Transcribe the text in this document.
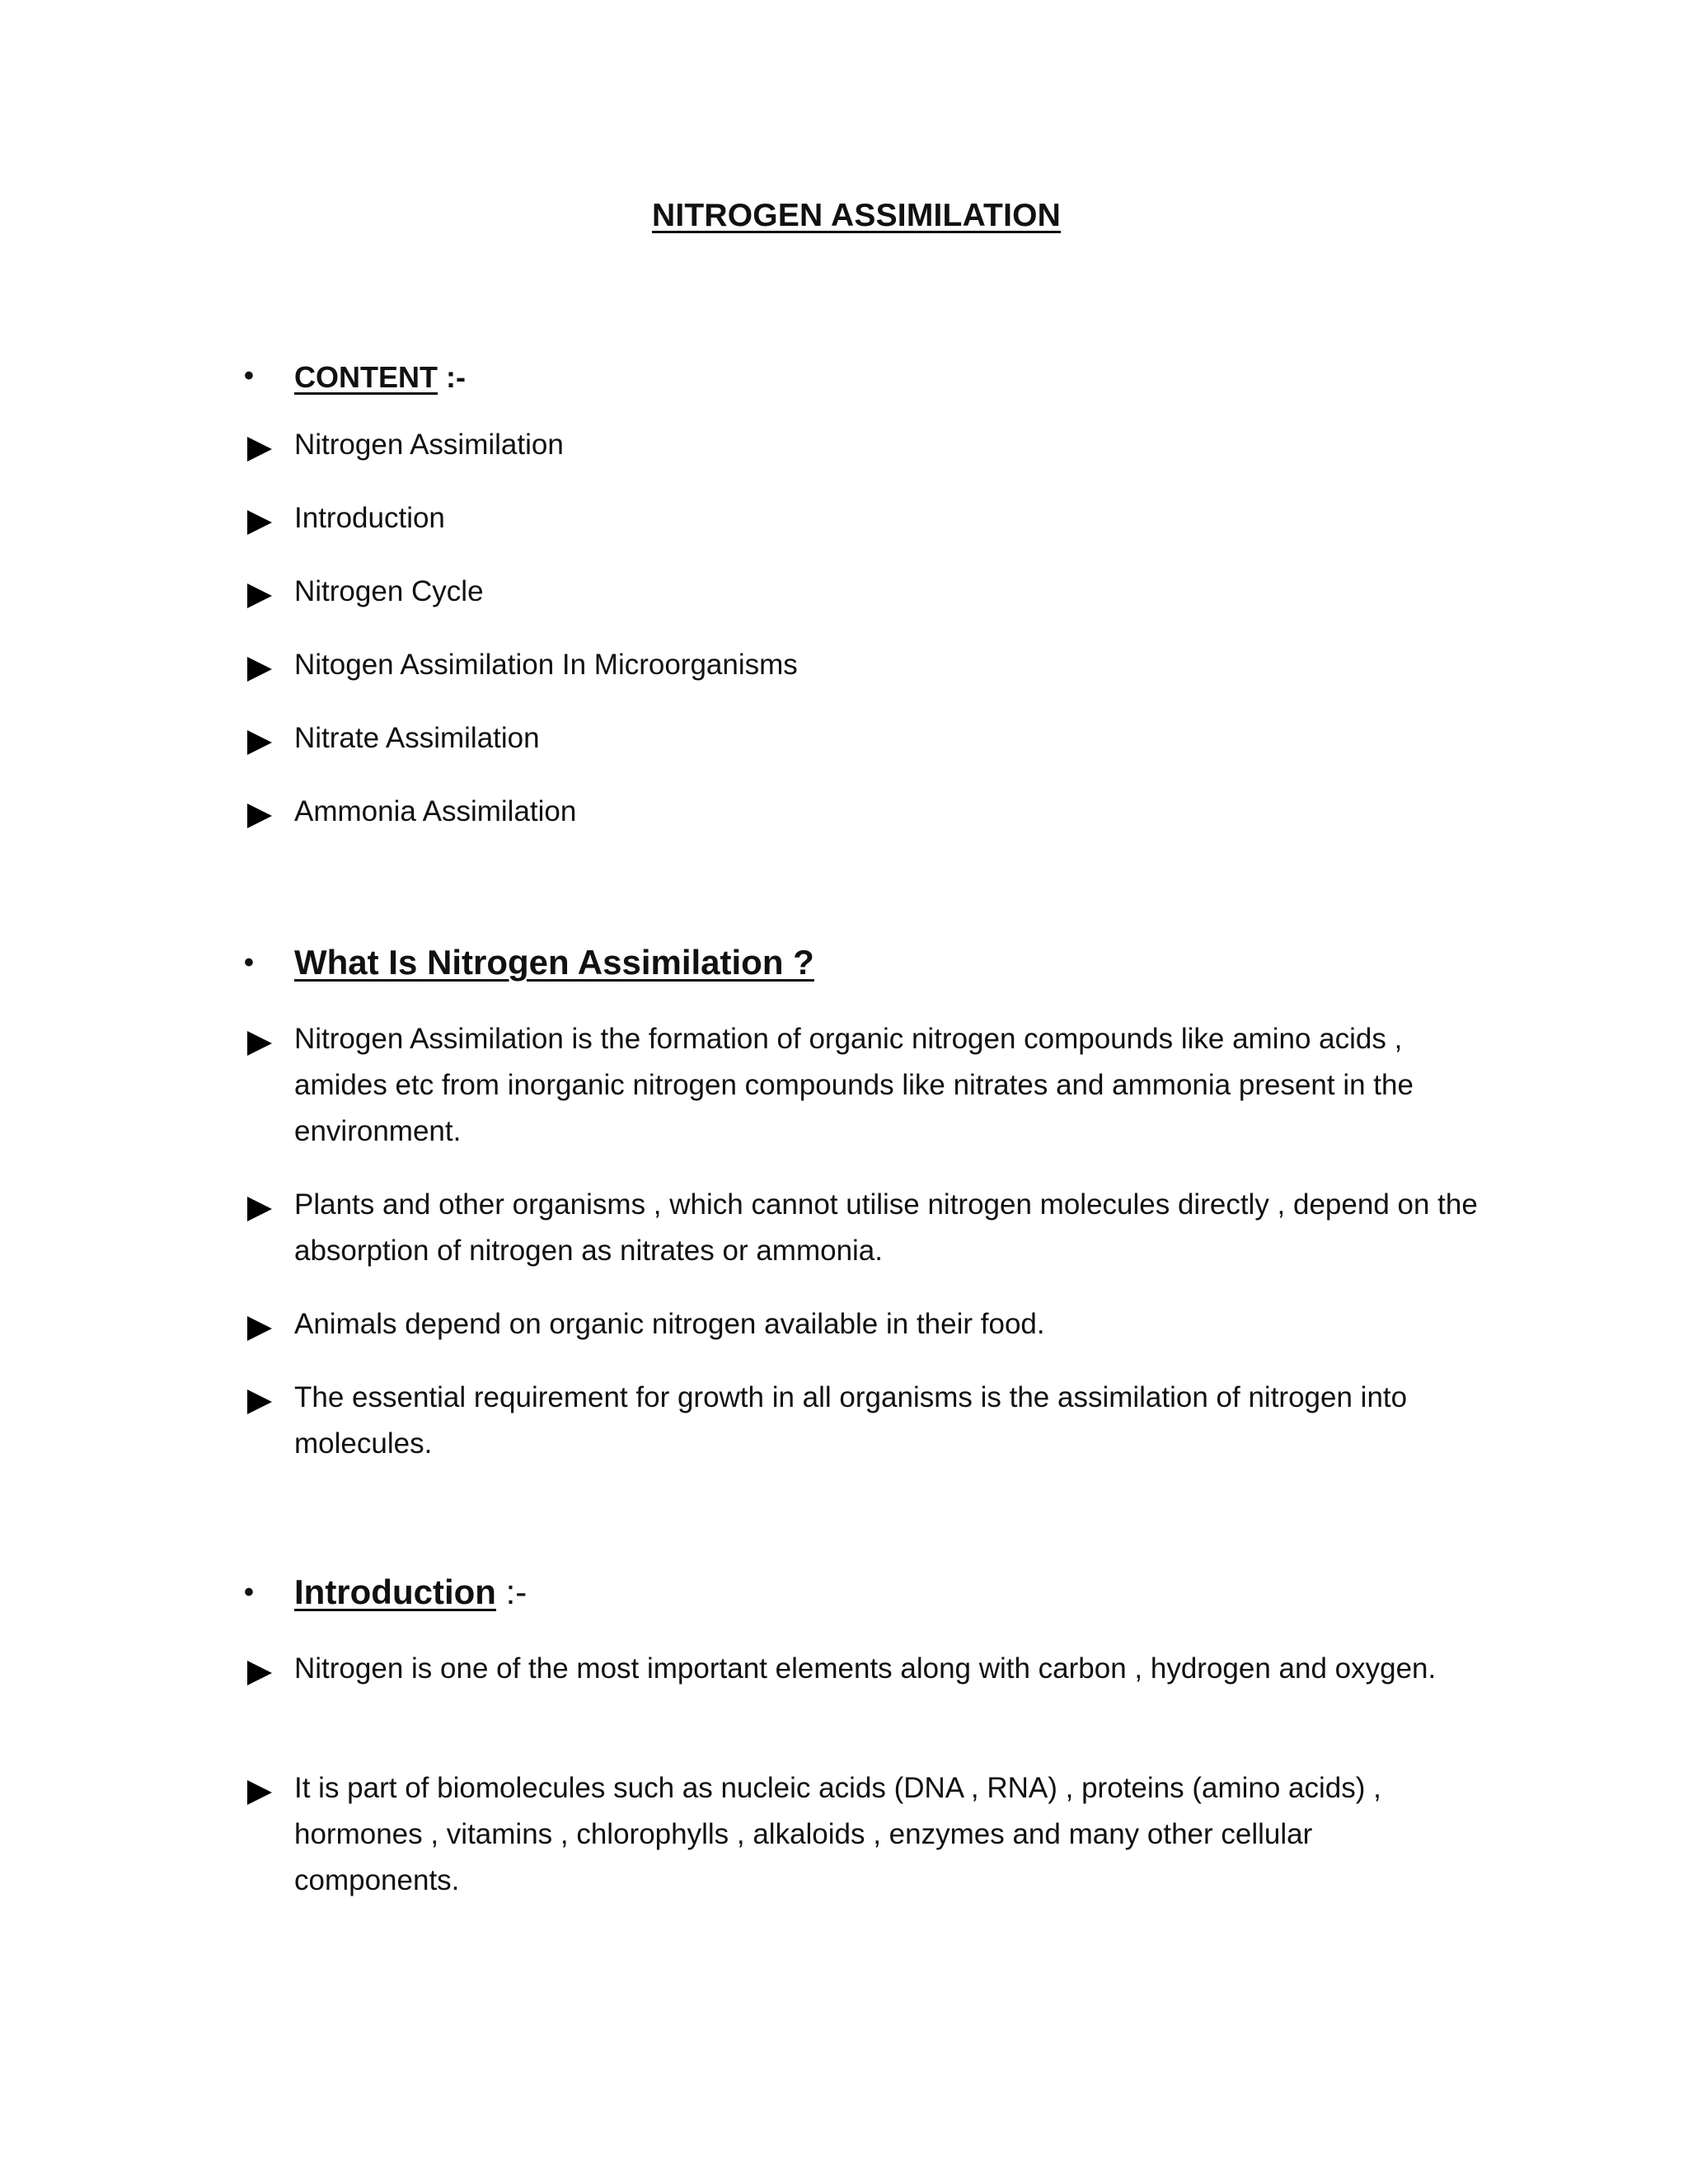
NITROGEN ASSIMILATION
• CONTENT :-
Nitrogen Assimilation
Introduction
Nitrogen Cycle
Nitogen Assimilation In Microorganisms
Nitrate Assimilation
Ammonia Assimilation
• What Is Nitrogen Assimilation ?
Nitrogen Assimilation is the formation of organic nitrogen compounds like amino acids , amides etc from inorganic nitrogen compounds like nitrates and ammonia present in the environment.
Plants and other organisms , which cannot utilise nitrogen molecules directly , depend on the absorption of nitrogen as nitrates or ammonia.
Animals depend on organic nitrogen available in their food.
The essential requirement for growth in all organisms is the assimilation of nitrogen into molecules.
• Introduction :-
Nitrogen is one of the most important elements along with carbon , hydrogen and oxygen.
It is part of biomolecules such as nucleic acids (DNA , RNA) , proteins (amino acids) , hormones , vitamins , chlorophylls , alkaloids , enzymes and many other cellular components.
